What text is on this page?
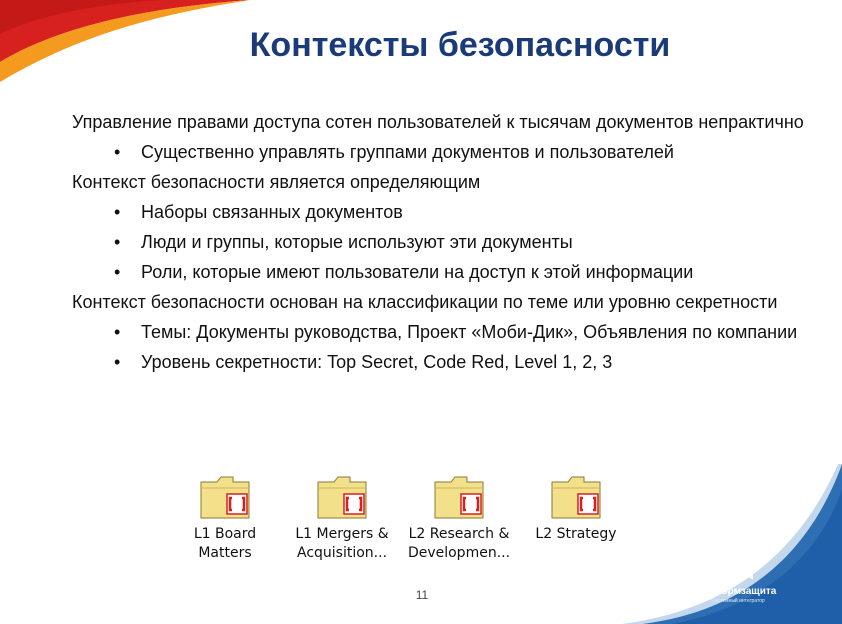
Контексты безопасности

Управление правами доступа сотен пользователей к тысячам документов непрактично

• Существенно управлять группами документов и пользователей

Контекст безопасности является определяющим

• Наборы связанных документов

• Люди и группы, которые используют эти документы

• Роли, которые имеют пользователи на доступ к этой информации

Контекст безопасности основан на классификации по теме или уровню секретности

• Темы: Документы руководства, Проект «Моби-Дик», Объявления по компании

• Уровень секретности: Top Secret, Code Red, Level 1, 2, 3

L1 Board
Matters
L1 Mergers &
Acquisition...
L2 Research &
Developmen...
L2 Strategy
11	Информзащита
Системный интегратор
